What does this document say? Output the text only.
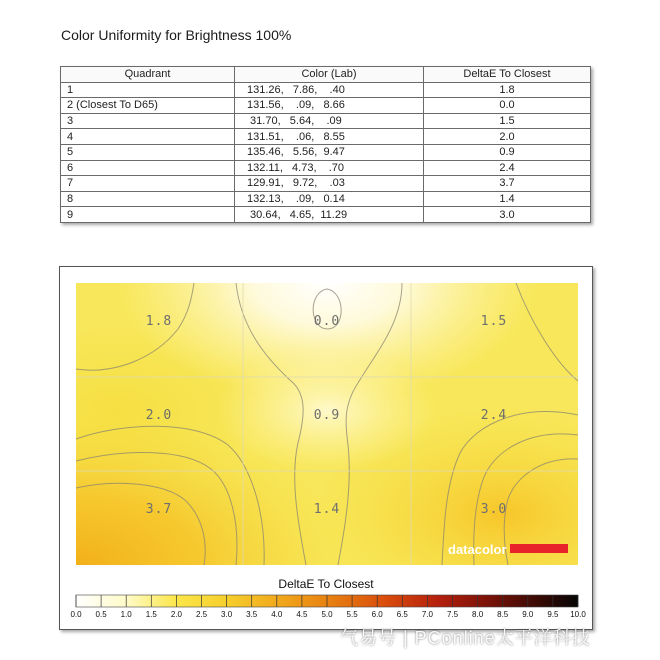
Color Uniformity for Brightness 100%
Quadrant	Color (Lab)	DeltaE To Closest
1	131.26,   7.86,    .40	1.8
2 (Closest To D65)	131.56,    .09,   8.66	0.0
3	31.70,   5.64,    .09	1.5
4	131.51,    .06,   8.55	2.0
5	135.46,   5.56,  9.47	0.9
6	132.11,   4.73,    .70	2.4
7	129.91,   9.72,    .03	3.7
8	132.13,    .09,   0.14	1.4
9	30.64,   4.65,  11.29	3.0
1.8	0.0	1.5
2.0	0.9	2.4
3.7	1.4	3.0
datacolor
DeltaE To Closest
0.0 0.5 1.0 1.5 2.0 2.5 3.0 3.5 4.0 4.5 5.0 5.5 6.0 6.5 7.0 7.5 8.0 8.5 9.0 9.5 10.0
气易号 | PConline太平洋科技
